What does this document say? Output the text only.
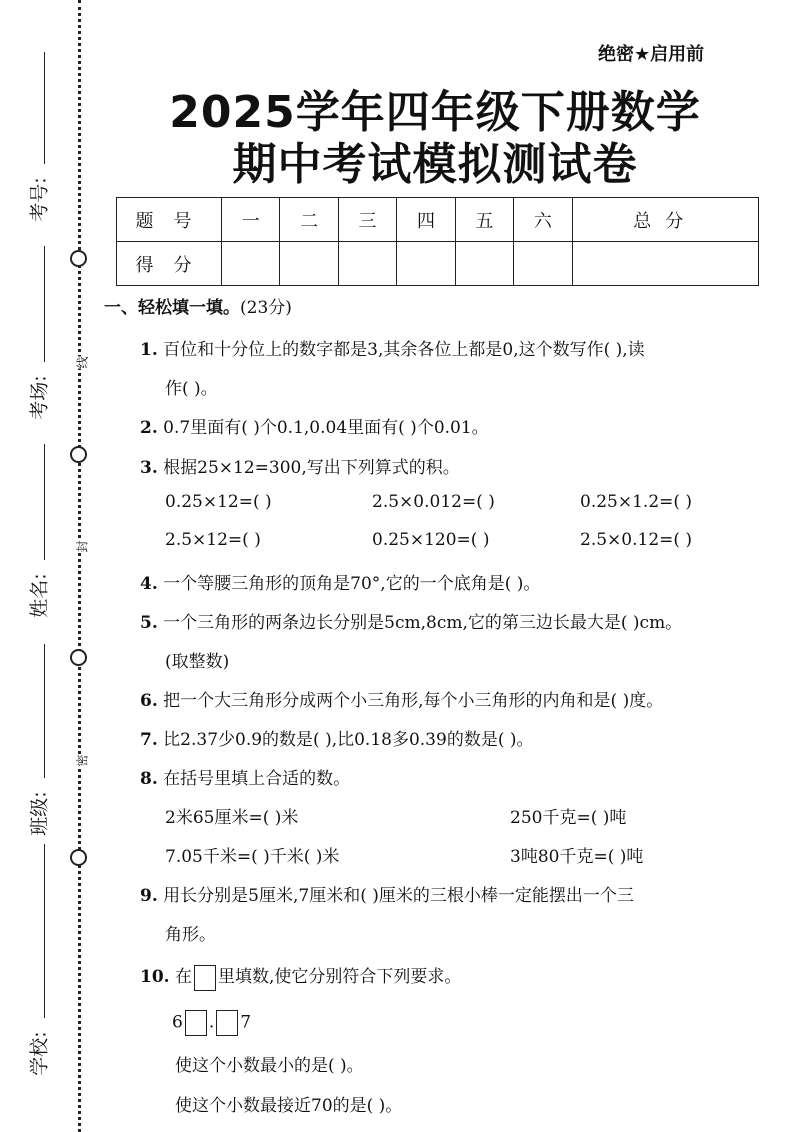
考号:
考场:
姓名:
班级:
学校:
线
封
密
绝密★启用前
2025学年四年级下册数学
期中考试模拟测试卷
题号	一	二	三	四	五	六	总分
得分							
一、轻松填一填。(23分)
1. 百位和十分位上的数字都是3,其余各位上都是0,这个数写作( ),读
作( )。
2. 0.7里面有( )个0.1,0.04里面有( )个0.01。
3. 根据25×12=300,写出下列算式的积。
0.25×12=( )	2.5×0.012=( )	0.25×1.2=( )
2.5×12=( )	0.25×120=( )	2.5×0.12=( )
4. 一个等腰三角形的顶角是70°,它的一个底角是( )。
5. 一个三角形的两条边长分别是5cm,8cm,它的第三边长最大是( )cm。
(取整数)
6. 把一个大三角形分成两个小三角形,每个小三角形的内角和是( )度。
7. 比2.37少0.9的数是( ),比0.18多0.39的数是( )。
8. 在括号里填上合适的数。
2米65厘米=( )米	250千克=( )吨
7.05千米=( )千米( )米	3吨80千克=( )吨
9. 用长分别是5厘米,7厘米和( )厘米的三根小棒一定能摆出一个三
角形。
10. 在 里填数,使它分别符合下列要求。
6 . 7
使这个小数最小的是( )。
使这个小数最接近70的是( )。
